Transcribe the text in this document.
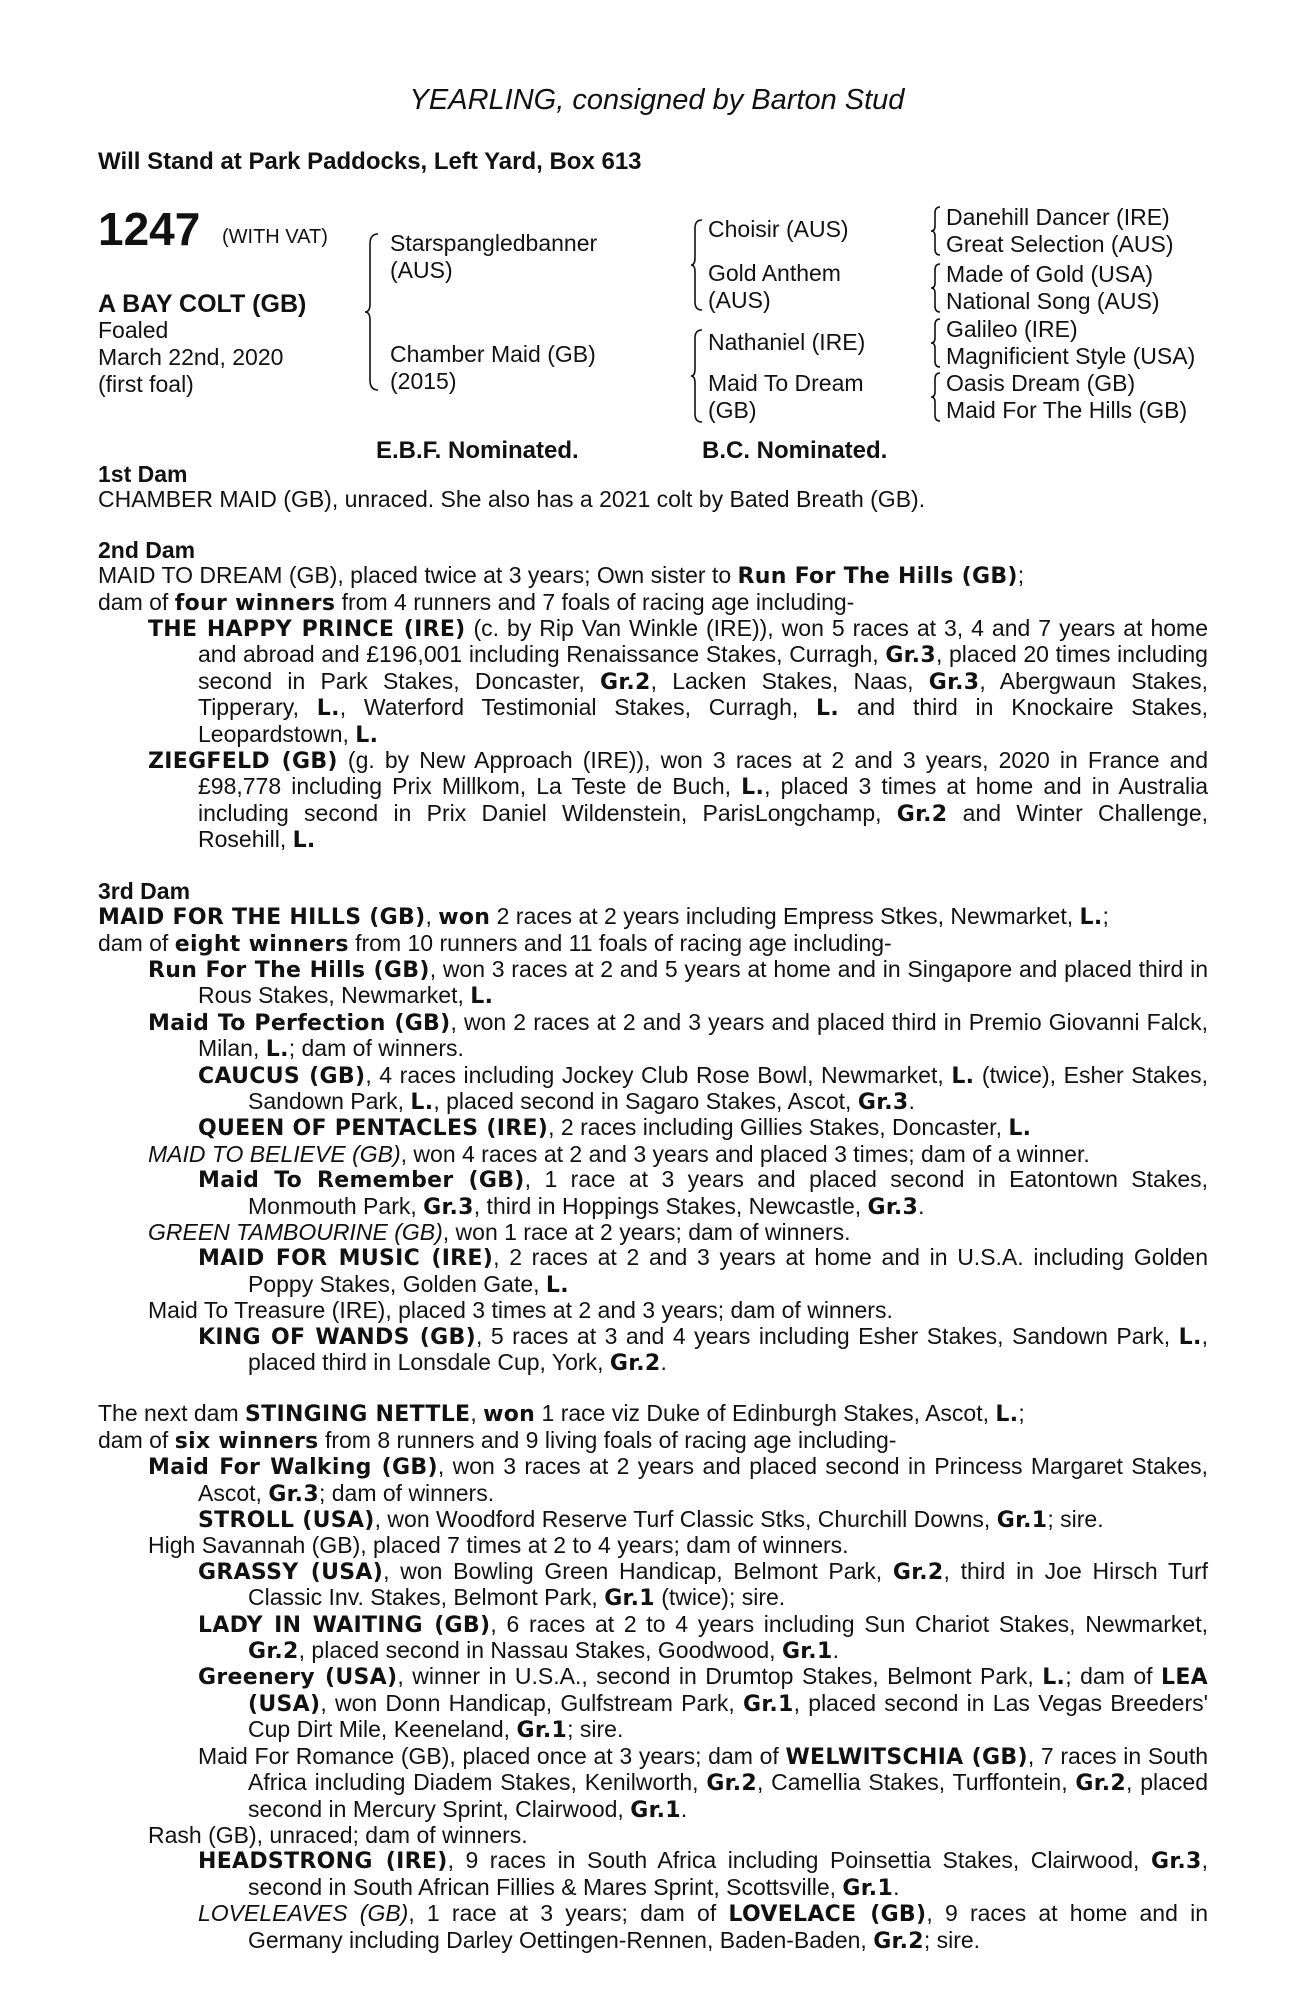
YEARLING, consigned by Barton Stud
Will Stand at Park Paddocks, Left Yard, Box 613
1247 (WITH VAT)
A BAY COLT (GB)
Foaled
March 22nd, 2020
(first foal)
Starspangledbanner
(AUS)
Chamber Maid (GB)
(2015)
Choisir (AUS)
Gold Anthem
(AUS)
Nathaniel (IRE)
Maid To Dream
(GB)
Danehill Dancer (IRE)
Great Selection (AUS)
Made of Gold (USA)
National Song (AUS)
Galileo (IRE)
Magnificient Style (USA)
Oasis Dream (GB)
Maid For The Hills (GB)
E.B.F. Nominated.	B.C. Nominated.
1st Dam
CHAMBER MAID (GB), unraced. She also has a 2021 colt by Bated Breath (GB).
2nd Dam
MAID TO DREAM (GB), placed twice at 3 years; Own sister to Run For The Hills (GB);
dam of four winners from 4 runners and 7 foals of racing age including-
THE HAPPY PRINCE (IRE) (c. by Rip Van Winkle (IRE)), won 5 races at 3, 4 and 7 years at home and abroad and £196,001 including Renaissance Stakes, Curragh, Gr.3, placed 20 times including second in Park Stakes, Doncaster, Gr.2, Lacken Stakes, Naas, Gr.3, Abergwaun Stakes, Tipperary, L., Waterford Testimonial Stakes, Curragh, L. and third in Knockaire Stakes, Leopardstown, L.
ZIEGFELD (GB) (g. by New Approach (IRE)), won 3 races at 2 and 3 years, 2020 in France and £98,778 including Prix Millkom, La Teste de Buch, L., placed 3 times at home and in Australia including second in Prix Daniel Wildenstein, ParisLongchamp, Gr.2 and Winter Challenge, Rosehill, L.
3rd Dam
MAID FOR THE HILLS (GB), won 2 races at 2 years including Empress Stkes, Newmarket, L.;
dam of eight winners from 10 runners and 11 foals of racing age including-
Run For The Hills (GB), won 3 races at 2 and 5 years at home and in Singapore and placed third in Rous Stakes, Newmarket, L.
Maid To Perfection (GB), won 2 races at 2 and 3 years and placed third in Premio Giovanni Falck, Milan, L.; dam of winners.
CAUCUS (GB), 4 races including Jockey Club Rose Bowl, Newmarket, L. (twice), Esher Stakes, Sandown Park, L., placed second in Sagaro Stakes, Ascot, Gr.3.
QUEEN OF PENTACLES (IRE), 2 races including Gillies Stakes, Doncaster, L.
MAID TO BELIEVE (GB), won 4 races at 2 and 3 years and placed 3 times; dam of a winner.
Maid To Remember (GB), 1 race at 3 years and placed second in Eatontown Stakes, Monmouth Park, Gr.3, third in Hoppings Stakes, Newcastle, Gr.3.
GREEN TAMBOURINE (GB), won 1 race at 2 years; dam of winners.
MAID FOR MUSIC (IRE), 2 races at 2 and 3 years at home and in U.S.A. including Golden Poppy Stakes, Golden Gate, L.
Maid To Treasure (IRE), placed 3 times at 2 and 3 years; dam of winners.
KING OF WANDS (GB), 5 races at 3 and 4 years including Esher Stakes, Sandown Park, L., placed third in Lonsdale Cup, York, Gr.2.
The next dam STINGING NETTLE, won 1 race viz Duke of Edinburgh Stakes, Ascot, L.;
dam of six winners from 8 runners and 9 living foals of racing age including-
Maid For Walking (GB), won 3 races at 2 years and placed second in Princess Margaret Stakes, Ascot, Gr.3; dam of winners.
STROLL (USA), won Woodford Reserve Turf Classic Stks, Churchill Downs, Gr.1; sire.
High Savannah (GB), placed 7 times at 2 to 4 years; dam of winners.
GRASSY (USA), won Bowling Green Handicap, Belmont Park, Gr.2, third in Joe Hirsch Turf Classic Inv. Stakes, Belmont Park, Gr.1 (twice); sire.
LADY IN WAITING (GB), 6 races at 2 to 4 years including Sun Chariot Stakes, Newmarket, Gr.2, placed second in Nassau Stakes, Goodwood, Gr.1.
Greenery (USA), winner in U.S.A., second in Drumtop Stakes, Belmont Park, L.; dam of LEA (USA), won Donn Handicap, Gulfstream Park, Gr.1, placed second in Las Vegas Breeders' Cup Dirt Mile, Keeneland, Gr.1; sire.
Maid For Romance (GB), placed once at 3 years; dam of WELWITSCHIA (GB), 7 races in South Africa including Diadem Stakes, Kenilworth, Gr.2, Camellia Stakes, Turffontein, Gr.2, placed second in Mercury Sprint, Clairwood, Gr.1.
Rash (GB), unraced; dam of winners.
HEADSTRONG (IRE), 9 races in South Africa including Poinsettia Stakes, Clairwood, Gr.3, second in South African Fillies & Mares Sprint, Scottsville, Gr.1.
LOVELEAVES (GB), 1 race at 3 years; dam of LOVELACE (GB), 9 races at home and in Germany including Darley Oettingen-Rennen, Baden-Baden, Gr.2; sire.
